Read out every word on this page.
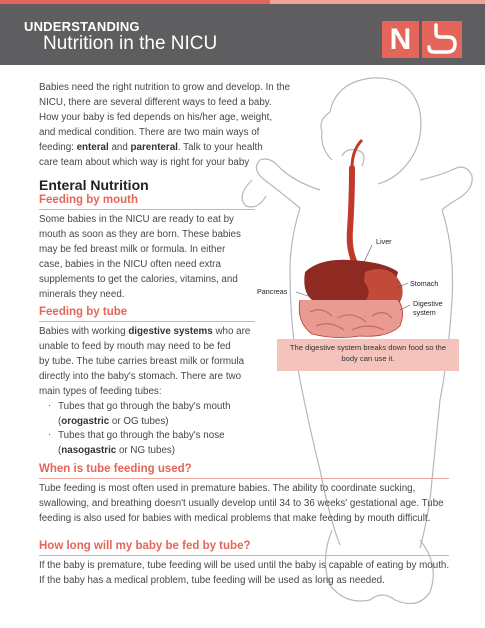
UNDERSTANDING
Nutrition in the NICU	N
Liver
Pancreas
Stomach
Digestive
system
The digestive system breaks down food so the
body can use it.
Babies need the right nutrition to grow and develop. In the
NICU, there are several different ways to feed a baby.
How your baby is fed depends on his/her age, weight,
and medical condition. There are two main ways of
feeding: enteral and parenteral. Talk to your health
care team about which way is right for your baby
Enteral Nutrition
Feeding by mouth
Some babies in the NICU are ready to eat by
mouth as soon as they are born. These babies
may be fed breast milk or formula. In either
case, babies in the NICU often need extra
supplements to get the calories, vitamins, and
minerals they need.
Feeding by tube
Babies with working digestive systems who are
unable to feed by mouth may need to be fed
by tube. The tube carries breast milk or formula
directly into the baby's stomach. There are two
main types of feeding tubes:
· Tubes that go through the baby's mouth
(orogastric or OG tubes)
· Tubes that go through the baby's nose
(nasogastric or NG tubes)
When is tube feeding used?
Tube feeding is most often used in premature babies. The ability to coordinate sucking,
swallowing, and breathing doesn't usually develop until 34 to 36 weeks' gestational age. Tube
feeding is also used for babies with medical problems that make feeding by mouth difficult.
How long will my baby be fed by tube?
If the baby is premature, tube feeding will be used until the baby is capable of eating by mouth.
If the baby has a medical problem, tube feeding will be used as long as needed.
